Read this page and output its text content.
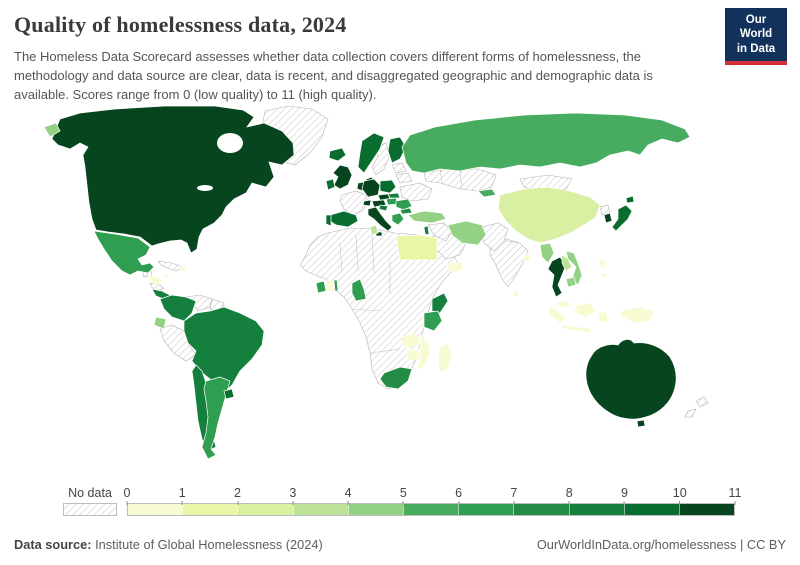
Quality of homelessness data, 2024
The Homeless Data Scorecard assesses whether data collection covers different forms of homelessness, the methodology and data source are clear, data is recent, and disaggregated geographic and demographic data is available. Scores range from 0 (low quality) to 11 (high quality).
Our World
in Data
No data 0	1	2	3	4	5	6	7	8	9	10	11
Data source: Institute of Global Homelessness (2024)	OurWorldInData.org/homelessness | CC BY
